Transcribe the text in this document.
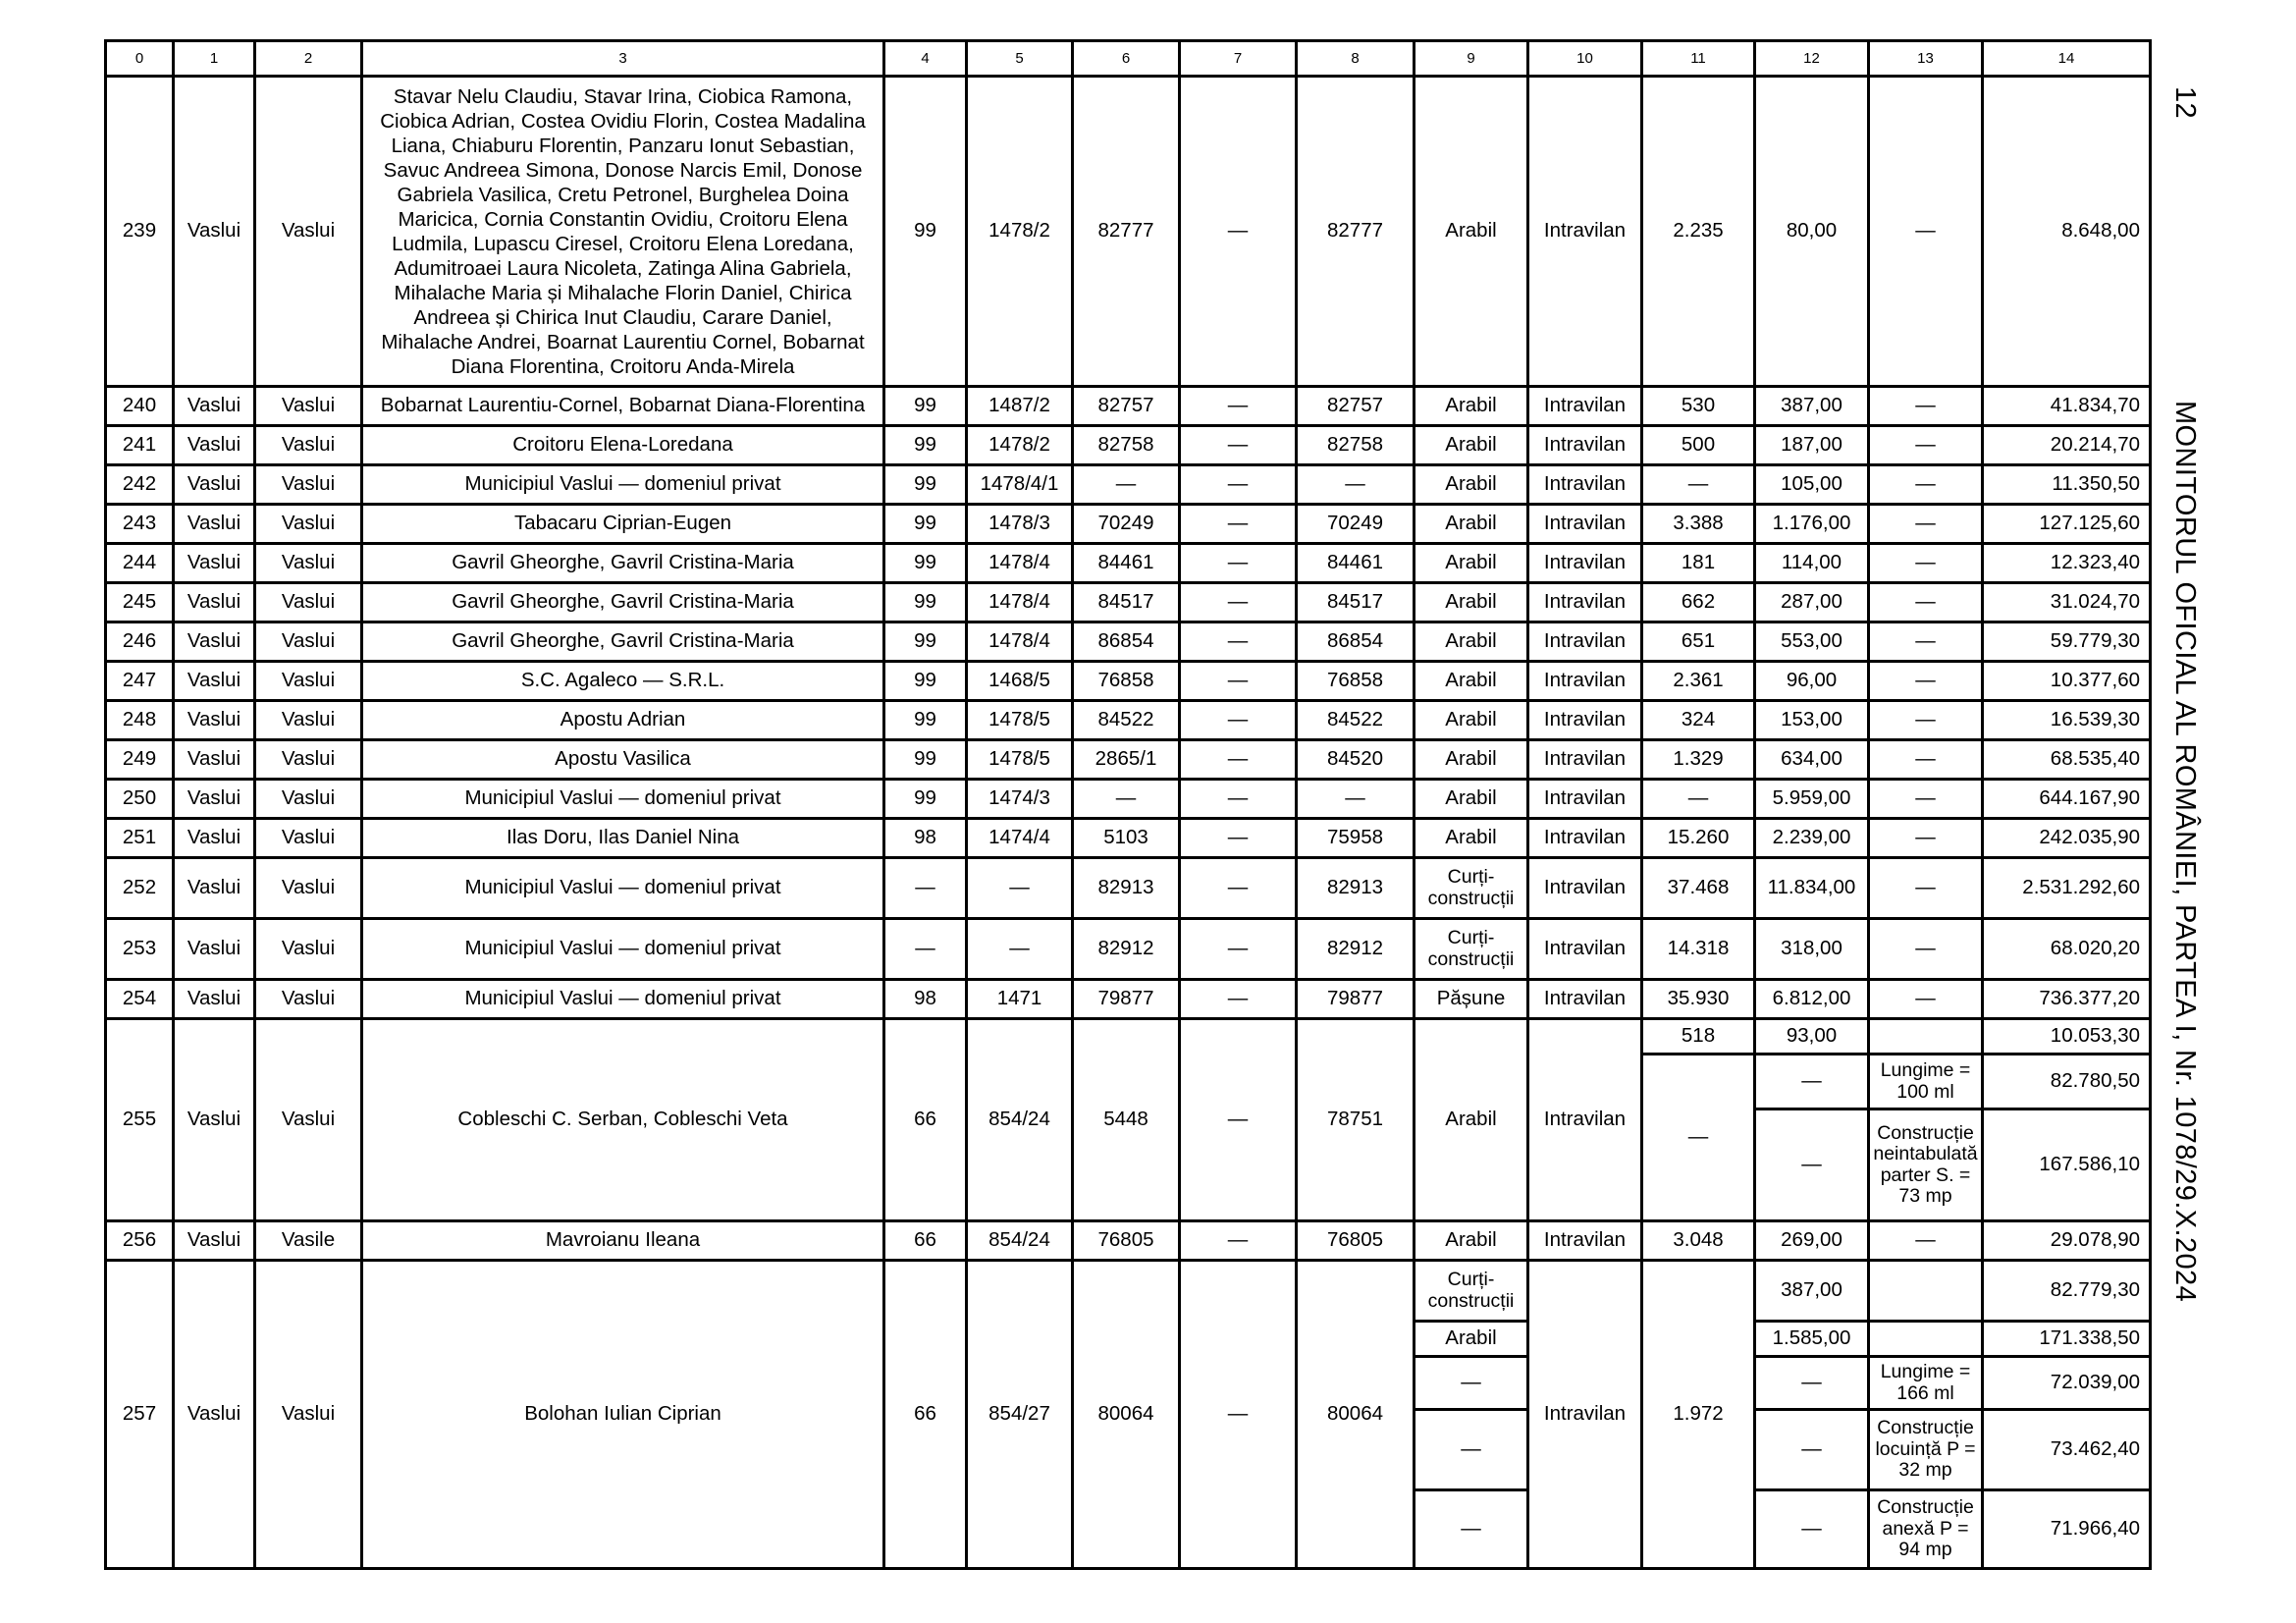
12
MONITORUL OFICIAL AL ROMÂNIEI, PARTEA I, Nr. 1078/29.X.2024
0	1	2	3	4	5	6	7	8	9	10	11	12	13	14
239	Vaslui	Vaslui	Stavar Nelu Claudiu, Stavar Irina, Ciobica Ramona, Ciobica Adrian, Costea Ovidiu Florin, Costea Madalina Liana, Chiaburu Florentin, Panzaru Ionut Sebastian, Savuc Andreea Simona, Donose Narcis Emil, Donose Gabriela Vasilica, Cretu Petronel, Burghelea Doina Maricica, Cornia Constantin Ovidiu, Croitoru Elena Ludmila, Lupascu Ciresel, Croitoru Elena Loredana, Adumitroaei Laura Nicoleta, Zatinga Alina Gabriela, Mihalache Maria și Mihalache Florin Daniel, Chirica Andreea și Chirica Inut Claudiu, Carare Daniel, Mihalache Andrei, Boarnat Laurentiu Cornel, Bobarnat Diana Florentina, Croitoru Anda-Mirela	99	1478/2	82777	—	82777	Arabil	Intravilan	2.235	80,00	—	8.648,00
240	Vaslui	Vaslui	Bobarnat Laurentiu-Cornel, Bobarnat Diana-Florentina	99	1487/2	82757	—	82757	Arabil	Intravilan	530	387,00	—	41.834,70
241	Vaslui	Vaslui	Croitoru Elena-Loredana	99	1478/2	82758	—	82758	Arabil	Intravilan	500	187,00	—	20.214,70
242	Vaslui	Vaslui	Municipiul Vaslui — domeniul privat	99	1478/4/1	—	—	—	Arabil	Intravilan	—	105,00	—	11.350,50
243	Vaslui	Vaslui	Tabacaru Ciprian-Eugen	99	1478/3	70249	—	70249	Arabil	Intravilan	3.388	1.176,00	—	127.125,60
244	Vaslui	Vaslui	Gavril Gheorghe, Gavril Cristina-Maria	99	1478/4	84461	—	84461	Arabil	Intravilan	181	114,00	—	12.323,40
245	Vaslui	Vaslui	Gavril Gheorghe, Gavril Cristina-Maria	99	1478/4	84517	—	84517	Arabil	Intravilan	662	287,00	—	31.024,70
246	Vaslui	Vaslui	Gavril Gheorghe, Gavril Cristina-Maria	99	1478/4	86854	—	86854	Arabil	Intravilan	651	553,00	—	59.779,30
247	Vaslui	Vaslui	S.C. Agaleco — S.R.L.	99	1468/5	76858	—	76858	Arabil	Intravilan	2.361	96,00	—	10.377,60
248	Vaslui	Vaslui	Apostu Adrian	99	1478/5	84522	—	84522	Arabil	Intravilan	324	153,00	—	16.539,30
249	Vaslui	Vaslui	Apostu Vasilica	99	1478/5	2865/1	—	84520	Arabil	Intravilan	1.329	634,00	—	68.535,40
250	Vaslui	Vaslui	Municipiul Vaslui — domeniul privat	99	1474/3	—	—	—	Arabil	Intravilan	—	5.959,00	—	644.167,90
251	Vaslui	Vaslui	Ilas Doru, Ilas Daniel Nina	98	1474/4	5103	—	75958	Arabil	Intravilan	15.260	2.239,00	—	242.035,90
252	Vaslui	Vaslui	Municipiul Vaslui — domeniul privat	—	—	82913	—	82913	Curți-construcții	Intravilan	37.468	11.834,00	—	2.531.292,60
253	Vaslui	Vaslui	Municipiul Vaslui — domeniul privat	—	—	82912	—	82912	Curți-construcții	Intravilan	14.318	318,00	—	68.020,20
254	Vaslui	Vaslui	Municipiul Vaslui — domeniul privat	98	1471	79877	—	79877	Pășune	Intravilan	35.930	6.812,00	—	736.377,20
255	Vaslui	Vaslui	Cobleschi C. Serban, Cobleschi Veta	66	854/24	5448	—	78751	Arabil	Intravilan	518	93,00		10.053,30
											—	—	Lungime = 100 ml	82.780,50
												—	Construcție neintabulată parter S. = 73 mp	167.586,10
256	Vaslui	Vasile	Mavroianu Ileana	66	854/24	76805	—	76805	Arabil	Intravilan	3.048	269,00	—	29.078,90
257	Vaslui	Vaslui	Bolohan Iulian Ciprian	66	854/27	80064	—	80064	Curți-construcții	Intravilan	1.972	387,00		82.779,30
									Arabil			1.585,00		171.338,50
									—			—	Lungime = 166 ml	72.039,00
									—			—	Construcție locuință P = 32 mp	73.462,40
									—			—	Construcție anexă P = 94 mp	71.966,40
